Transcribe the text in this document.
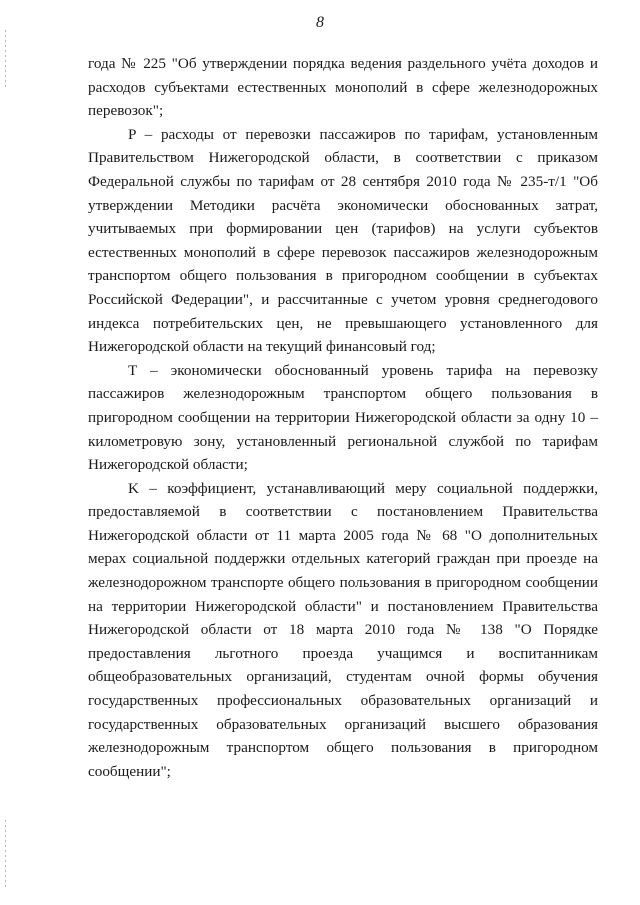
8

года № 225 "Об утверждении порядка ведения раздельного учёта доходов и расходов субъектами естественных монополий в сфере железнодорожных перевозок";

P – расходы от перевозки пассажиров по тарифам, установленным Правительством Нижегородской области, в соответствии с приказом Федеральной службы по тарифам от 28 сентября 2010 года № 235-т/1 "Об утверждении Методики расчёта экономически обоснованных затрат, учитываемых при формировании цен (тарифов) на услуги субъектов естественных монополий в сфере перевозок пассажиров железнодорожным транспортом общего пользования в пригородном сообщении в субъектах Российской Федерации", и рассчитанные с учетом уровня среднегодового индекса потребительских цен, не превышающего установленного для Нижегородской области на текущий финансовый год;

T – экономически обоснованный уровень тарифа на перевозку пассажиров железнодорожным транспортом общего пользования в пригородном сообщении на территории Нижегородской области за одну 10 – километровую зону, установленный региональной службой по тарифам Нижегородской области;

K – коэффициент, устанавливающий меру социальной поддержки, предоставляемой в соответствии с постановлением Правительства Нижегородской области от 11 марта 2005 года № 68 "О дополнительных мерах социальной поддержки отдельных категорий граждан при проезде на железнодорожном транспорте общего пользования в пригородном сообщении на территории Нижегородской области" и постановлением Правительства Нижегородской области от 18 марта 2010 года № 138 "О Порядке предоставления льготного проезда учащимся и воспитанникам общеобразовательных организаций, студентам очной формы обучения государственных профессиональных образовательных организаций и государственных образовательных организаций высшего образования железнодорожным транспортом общего пользования в пригородном сообщении";
